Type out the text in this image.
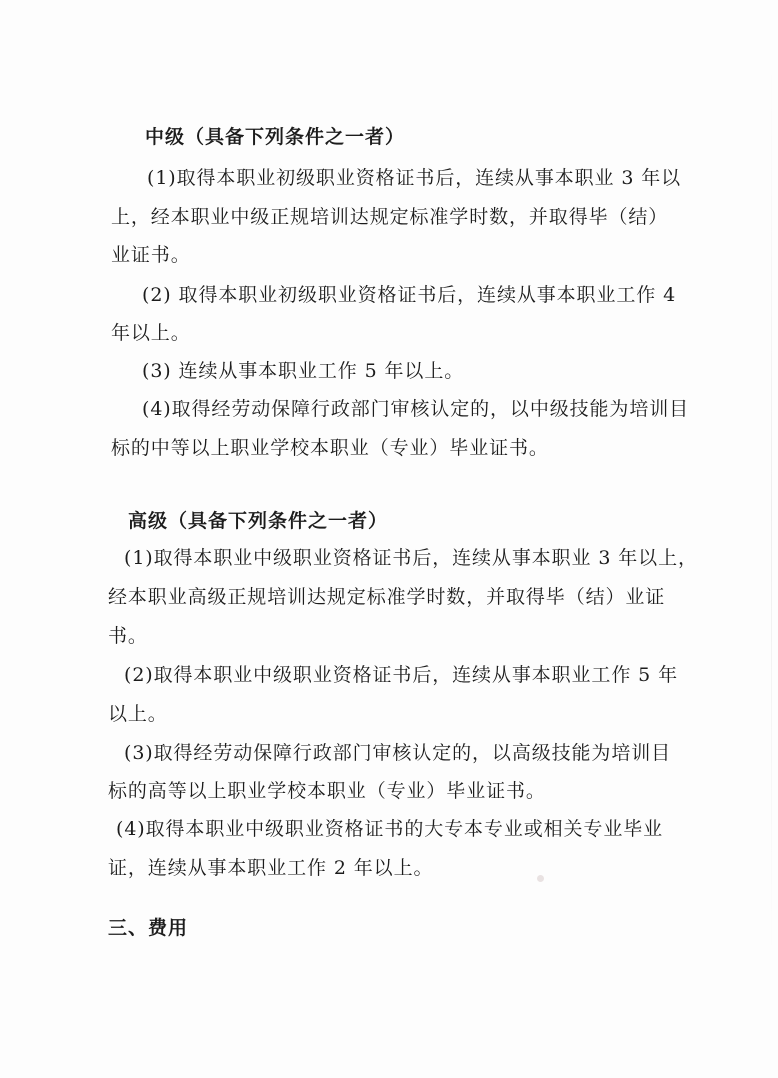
中级（具备下列条件之一者）
(1)取得本职业初级职业资格证书后，连续从事本职业 3 年以
上，经本职业中级正规培训达规定标准学时数，并取得毕（结）
业证书。
(2) 取得本职业初级职业资格证书后，连续从事本职业工作 4
年以上。
(3) 连续从事本职业工作 5 年以上。
(4)取得经劳动保障行政部门审核认定的，以中级技能为培训目
标的中等以上职业学校本职业（专业）毕业证书。
高级（具备下列条件之一者）
(1)取得本职业中级职业资格证书后，连续从事本职业 3 年以上，
经本职业高级正规培训达规定标准学时数，并取得毕（结）业证
书。
(2)取得本职业中级职业资格证书后，连续从事本职业工作 5 年
以上。
(3)取得经劳动保障行政部门审核认定的，以高级技能为培训目
标的高等以上职业学校本职业（专业）毕业证书。
(4)取得本职业中级职业资格证书的大专本专业或相关专业毕业
证，连续从事本职业工作 2 年以上。
三、费用
